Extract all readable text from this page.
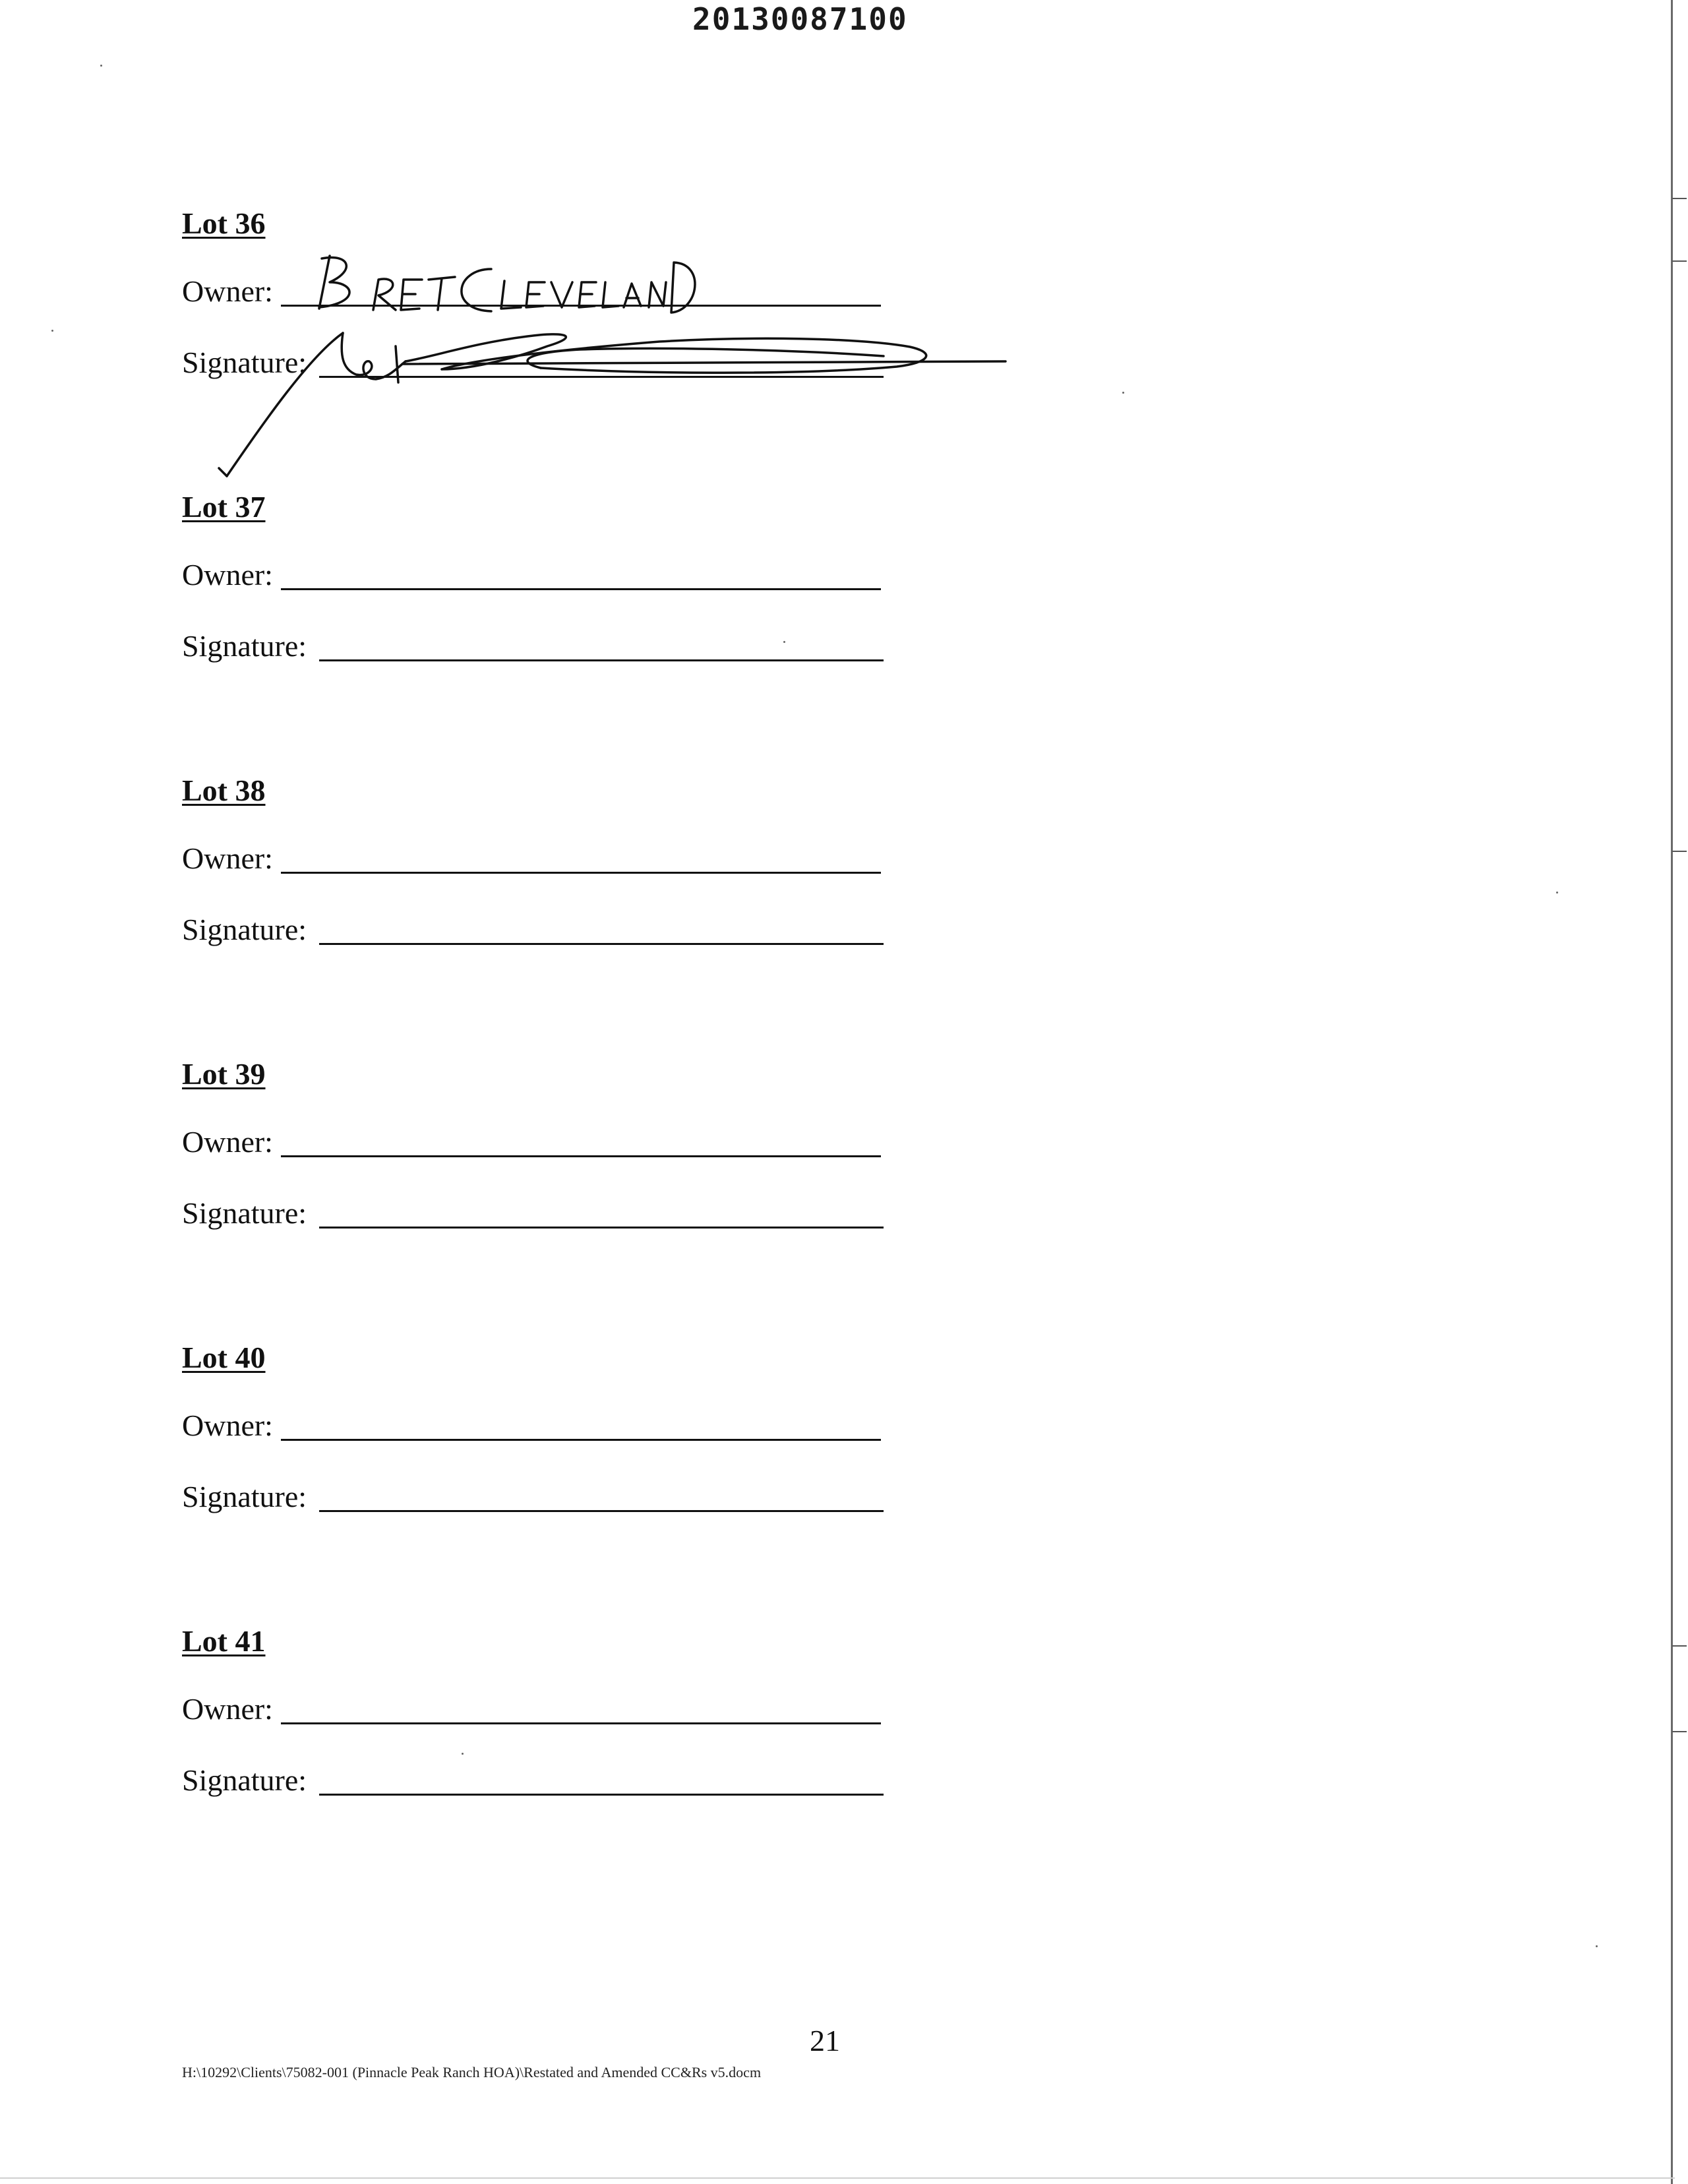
20130087100
Lot 36
Owner:
Signature:
Lot 37
Owner:
Signature:
Lot 38
Owner:
Signature:
Lot 39
Owner:
Signature:
Lot 40
Owner:
Signature:
Lot 41
Owner:
Signature:
21
H:\10292\Clients\75082-001 (Pinnacle Peak Ranch HOA)\Restated and Amended CC&Rs v5.docm
